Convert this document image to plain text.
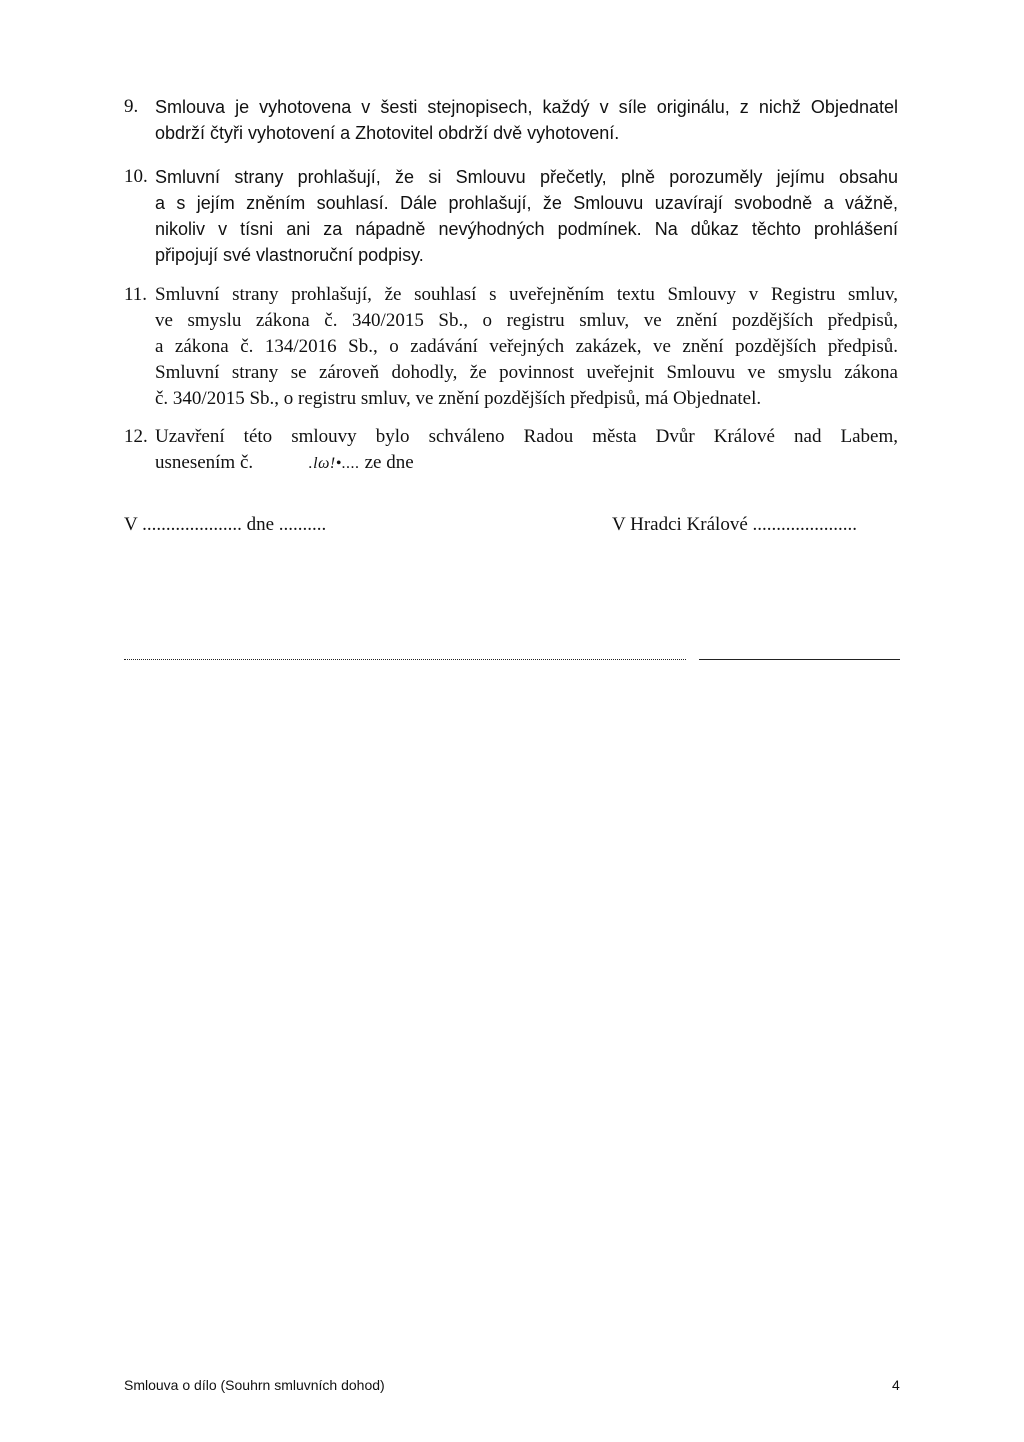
9. Smlouva je vyhotovena v šesti stejnopisech, každý v síle originálu, z nichž Objednatel
obdrží čtyři vyhotovení a Zhotovitel obdrží dvě vyhotovení.
10. Smluvní strany prohlašují, že si Smlouvu přečetly, plně porozuměly jejímu obsahu
a s jejím zněním souhlasí. Dále prohlašují, že Smlouvu uzavírají svobodně a vážně,
nikoliv v tísni ani za nápadně nevýhodných podmínek. Na důkaz těchto prohlášení
připojují své vlastnoruční podpisy.
11. Smluvní strany prohlašují, že souhlasí s uveřejněním textu Smlouvy v Registru smluv,
ve smyslu zákona č. 340/2015 Sb., o registru smluv, ve znění pozdějších předpisů,
a zákona č. 134/2016 Sb., o zadávání veřejných zakázek, ve znění pozdějších předpisů.
Smluvní strany se zároveň dohodly, že povinnost uveřejnit Smlouvu ve smyslu zákona
č. 340/2015 Sb., o registru smluv, ve znění pozdějších předpisů, má Objednatel.
12. Uzavření této smlouvy bylo schváleno Radou města Dvůr Králové nad Labem,
usnesením č.	.lω!•.... ze dne
V ..................... dne ..........	V Hradci Králové ......................
Smlouva o dílo (Souhrn smluvních dohod)	4
